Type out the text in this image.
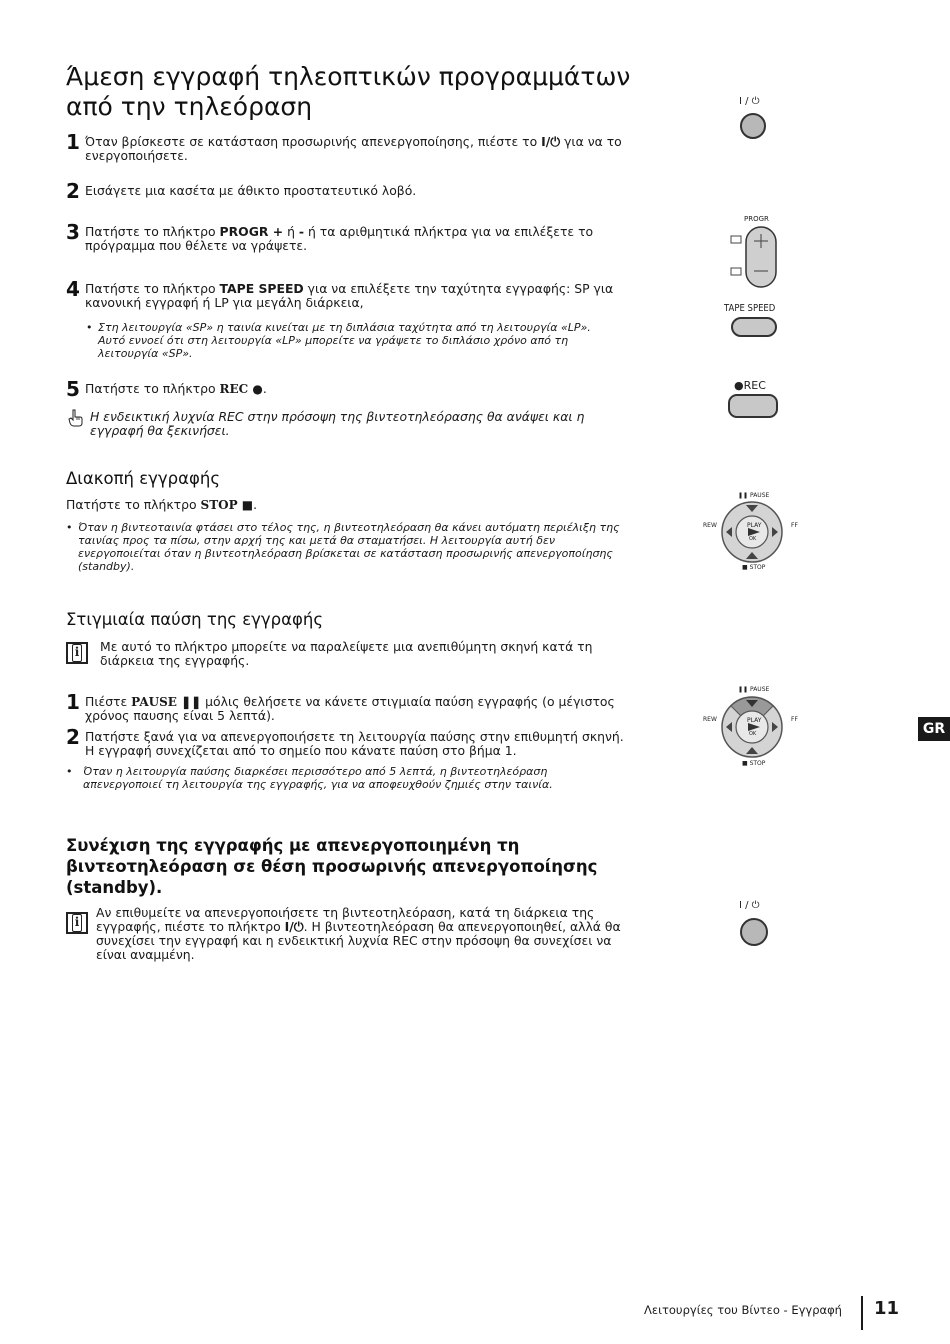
Άμεση εγγραφή τηλεοπτικών προγραμμάτων από την τηλεόραση
1 Όταν βρίσκεστε σε κατάσταση προσωρινής απενεργοποίησης, πιέστε το I/⏻ για να το ενεργοποιήσετε.
2 Εισάγετε μια κασέτα με άθικτο προστατευτικό λοβό.
3 Πατήστε το πλήκτρο PROGR + ή - ή τα αριθμητικά πλήκτρα για να επιλέξετε το πρόγραμμα που θέλετε να γράψετε.
4 Πατήστε το πλήκτρο TAPE SPEED για να επιλέξετε την ταχύτητα εγγραφής: SP για κανονική εγγραφή ή LP για μεγάλη διάρκεια,
• Στη λειτουργία «SP» η ταινία κινείται με τη διπλάσια ταχύτητα από τη λειτουργία «LP». Αυτό εννοεί ότι στη λειτουργία «LP» μπορείτε να γράψετε το διπλάσιο χρόνο από τη λειτουργία «SP».
5 Πατήστε το πλήκτρο REC ●.
Η ενδεικτική λυχνία REC στην πρόσοψη της βιντεοτηλεόρασης θα ανάψει και η εγγραφή θα ξεκινήσει.
Διακοπή εγγραφής
Πατήστε το πλήκτρο STOP ■.
• Όταν η βιντεοταινία φτάσει στο τέλος της, η βιντεοτηλεόραση θα κάνει αυτόματη περιέλιξη της ταινίας προς τα πίσω, στην αρχή της και μετά θα σταματήσει. Η λειτουργία αυτή δεν ενεργοποιείται όταν η βιντεοτηλεόραση βρίσκεται σε κατάσταση προσωρινής απενεργοποίησης (standby).
Στιγμιαία παύση της εγγραφής
i Με αυτό το πλήκτρο μπορείτε να παραλείψετε μια ανεπιθύμητη σκηνή κατά τη διάρκεια της εγγραφής.
1 Πιέστε PAUSE ❚❚ μόλις θελήσετε να κάνετε στιγμιαία παύση εγγραφής (ο μέγιστος χρόνος παυσης είναι 5 λεπτά).
2 Πατήστε ξανά για να απενεργοποιήσετε τη λειτουργία παύσης στην επιθυμητή σκηνή. Η εγγραφή συνεχίζεται από το σημείο που κάνατε παύση στο βήμα 1.
• Όταν η λειτουργία παύσης διαρκέσει περισσότερο από 5 λεπτά, η βιντεοτηλεόραση απενεργοποιεί τη λειτουργία της εγγραφής, για να αποφευχθούν ζημιές στην ταινία.
Συνέχιση της εγγραφής με απενεργοποιημένη τη βιντεοτηλεόραση σε θέση προσωρινής απενεργοποίησης (standby).
i
Αν επιθυμείτε να απενεργοποιήσετε τη βιντεοτηλεόραση, κατά τη διάρκεια της εγγραφής, πιέστε το πλήκτρο I/⏻. Η βιντεοτηλεόραση θα απενεργοποιηθεί, αλλά θα συνεχίσει την εγγραφή και η ενδεικτική λυχνία REC στην πρόσοψη θα συνεχίσει να είναι αναμμένη.
I / ⏻
PROGR
TAPE SPEED
●REC
❚❚ PAUSE
REW	FF
■ STOP
PLAY
OK
❚❚ PAUSE
REW	FF
■ STOP
PLAY
OK	GR
I / ⏻
Λειτουργίες του Βίντεο - Εγγραφή 11
